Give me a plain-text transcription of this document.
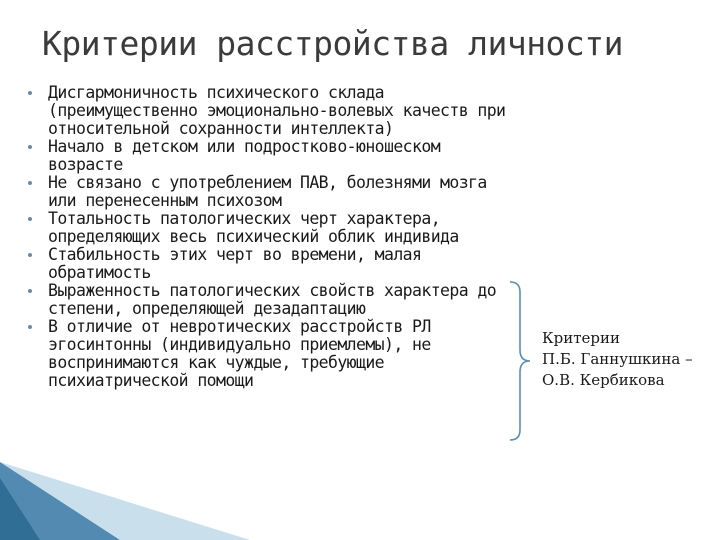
Критерии расстройства личности
Дисгармоничность психического склада (преимущественно эмоционально-волевых качеств при относительной сохранности интеллекта)
Начало в детском или подростково-юношеском возрасте
Не связано с употреблением ПАВ, болезнями мозга или перенесенным психозом
Тотальность патологических черт характера, определяющих весь психический облик индивида
Стабильность этих черт во времени, малая обратимость
Выраженность патологических свойств характера до степени, определяющей дезадаптацию
В отличие от невротических расстройств РЛ эгосинтонны (индивидуально приемлемы), не воспринимаются как чуждые, требующие психиатрической помощи
Критерии
П.Б. Ганнушкина –
О.В. Кербикова
